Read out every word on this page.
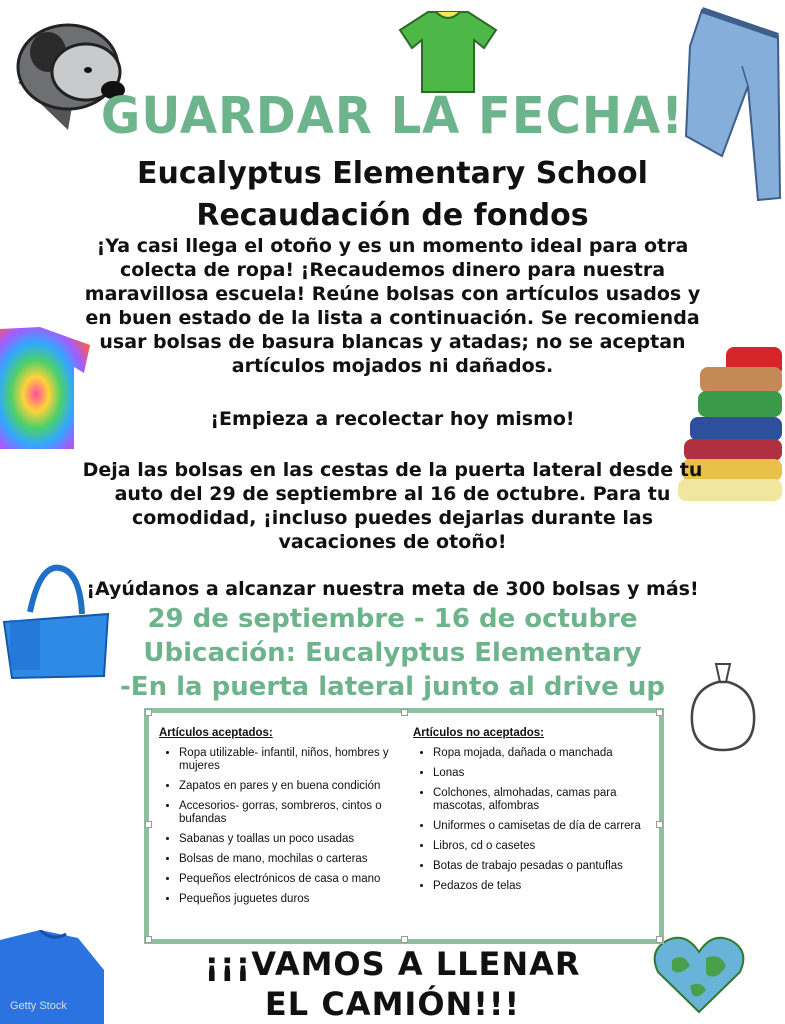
GUARDAR LA FECHA!
Eucalyptus Elementary School
Recaudación de fondos
¡Ya casi llega el otoño y es un momento ideal para otra colecta de ropa! ¡Recaudemos dinero para nuestra maravillosa escuela! Reúne bolsas con artículos usados y en buen estado de la lista a continuación. Se recomienda usar bolsas de basura blancas y atadas; no se aceptan artículos mojados ni dañados.
¡Empieza a recolectar hoy mismo!
Deja las bolsas en las cestas de la puerta lateral desde tu auto del 29 de septiembre al 16 de octubre. Para tu comodidad, ¡incluso puedes dejarlas durante las vacaciones de otoño!
¡Ayúdanos a alcanzar nuestra meta de 300 bolsas y más!
29 de septiembre - 16 de octubre
Ubicación: Eucalyptus Elementary
-En la puerta lateral junto al drive up
Artículos aceptados:
• Ropa utilizable- infantil, niños, hombres y mujeres
• Zapatos en pares y en buena condición
• Accesorios- gorras, sombreros, cintos o bufandas
• Sabanas y toallas un poco usadas
• Bolsas de mano, mochilas o carteras
• Pequeños electrónicos de casa o mano
• Pequeños juguetes duros
Artículos no aceptados:
• Ropa mojada, dañada o manchada
• Lonas
• Colchones, almohadas, camas para mascotas, alfombras
• Uniformes o camisetas de día de carrera
• Libros, cd o casetes
• Botas de trabajo pesadas o pantuflas
• Pedazos de telas
¡¡¡VAMOS A LLENAR
EL CAMIÓN!!!
Getty Stock
